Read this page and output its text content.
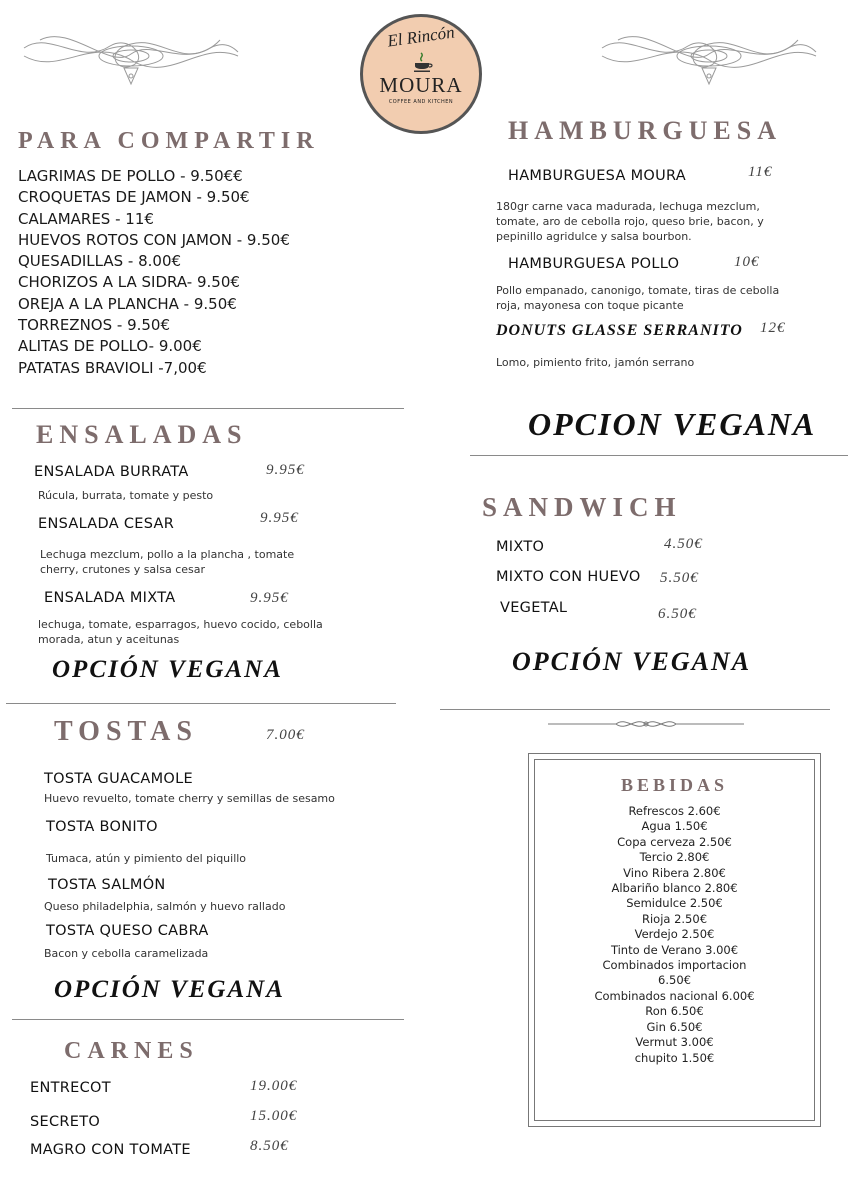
El Rincón
MOURA
COFFEE AND KITCHEN
PARA COMPARTIR
LAGRIMAS DE POLLO - 9.50€€
CROQUETAS DE JAMON - 9.50€
CALAMARES - 11€
HUEVOS ROTOS CON JAMON - 9.50€
QUESADILLAS - 8.00€
CHORIZOS A LA SIDRA- 9.50€
OREJA A LA PLANCHA - 9.50€
TORREZNOS - 9.50€
ALITAS DE POLLO- 9.00€
PATATAS BRAVIOLI -7,00€
ENSALADAS
ENSALADA BURRATA	9.95€
Rúcula, burrata, tomate y pesto
ENSALADA CESAR	9.95€
Lechuga mezclum, pollo a la plancha , tomate cherry, crutones y salsa cesar
ENSALADA MIXTA	9.95€
lechuga, tomate, esparragos, huevo cocido, cebolla morada, atun y aceitunas
OPCIÓN VEGANA
TOSTAS	7.00€
TOSTA GUACAMOLE
Huevo revuelto, tomate cherry y semillas de sesamo
TOSTA BONITO
Tumaca, atún y pimiento del piquillo
TOSTA SALMÓN
Queso philadelphia, salmón y huevo rallado
TOSTA QUESO CABRA
Bacon y cebolla caramelizada
OPCIÓN VEGANA
CARNES
ENTRECOT	19.00€
SECRETO	15.00€
MAGRO CON TOMATE	8.50€
HAMBURGUESA
HAMBURGUESA MOURA	11€
180gr carne vaca madurada, lechuga mezclum, tomate, aro de cebolla rojo, queso brie, bacon, y pepinillo agridulce y salsa bourbon.
HAMBURGUESA POLLO	10€
Pollo empanado, canonigo, tomate, tiras de cebolla roja, mayonesa con toque picante
DONUTS GLASSE SERRANITO 12€
Lomo, pimiento frito, jamón serrano
OPCION VEGANA
SANDWICH
MIXTO	4.50€
MIXTO CON HUEVO 5.50€
VEGETAL	6.50€
OPCIÓN VEGANA
BEBIDAS
Refrescos 2.60€
Agua 1.50€
Copa cerveza 2.50€
Tercio 2.80€
Vino Ribera 2.80€
Albariño blanco 2.80€
Semidulce 2.50€
Rioja 2.50€
Verdejo 2.50€
Tinto de Verano 3.00€
Combinados importacion
6.50€
Combinados nacional 6.00€
Ron 6.50€
Gin 6.50€
Vermut 3.00€
chupito 1.50€
